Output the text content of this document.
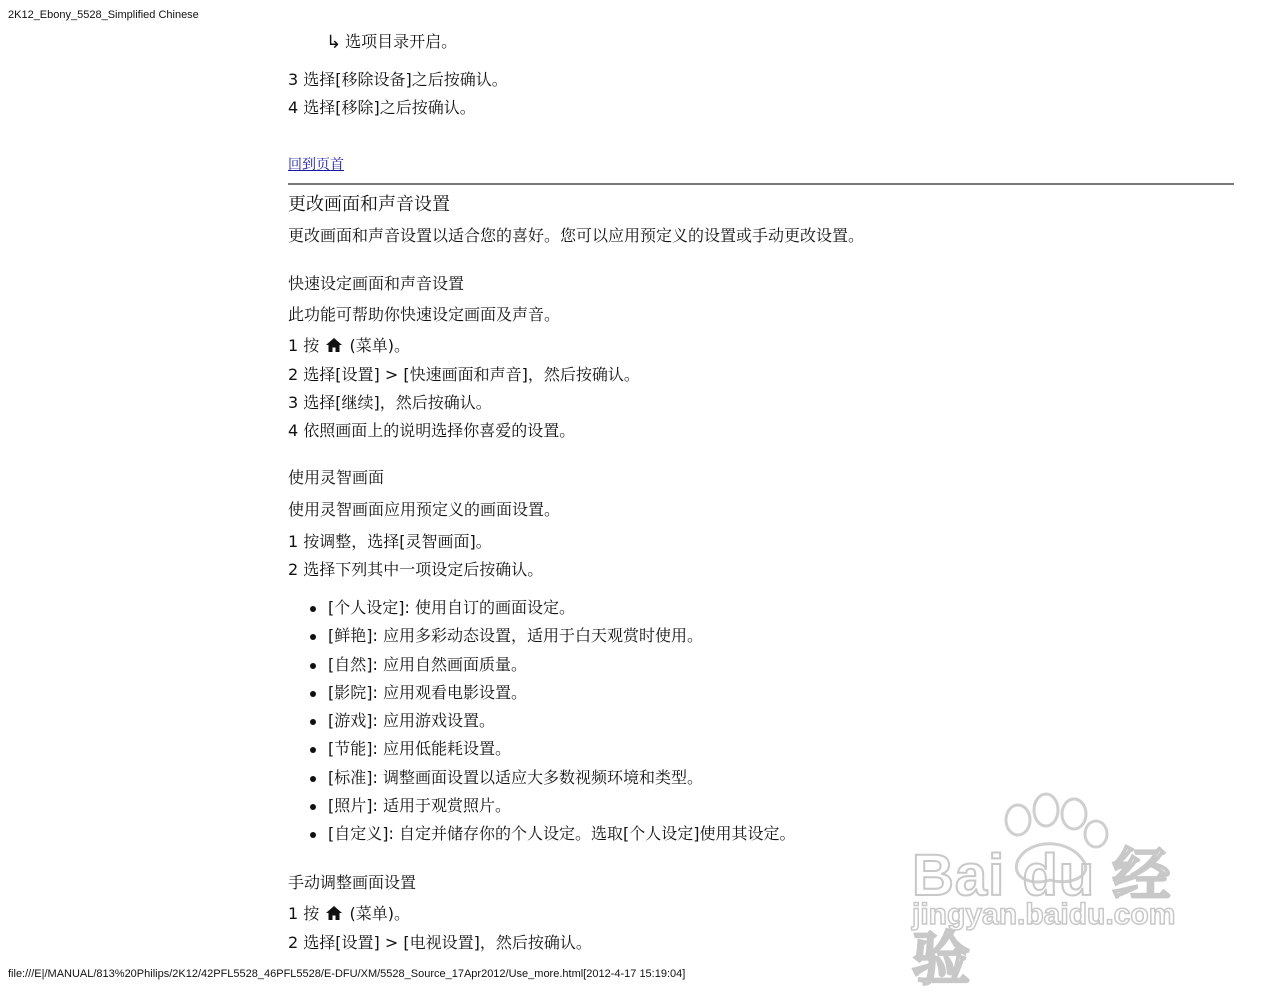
2K12_Ebony_5528_Simplified Chinese
↳ 选项目录开启。
3 选择[移除设备]之后按确认。
4 选择[移除]之后按确认。
回到页首
更改画面和声音设置
更改画面和声音设置以适合您的喜好。您可以应用预定义的设置或手动更改设置。
快速设定画面和声音设置
此功能可帮助你快速设定画面及声音。
1 按 (菜单)。
2 选择[设置] > [快速画面和声音]，然后按确认。
3 选择[继续]，然后按确认。
4 依照画面上的说明选择你喜爱的设置。
使用灵智画面
使用灵智画面应用预定义的画面设置。
1 按调整，选择[灵智画面]。
2 选择下列其中一项设定后按确认。
[个人设定]: 使用自订的画面设定。
[鲜艳]: 应用多彩动态设置，适用于白天观赏时使用。
[自然]: 应用自然画面质量。
[影院]: 应用观看电影设置。
[游戏]: 应用游戏设置。
[节能]: 应用低能耗设置。
[标准]: 调整画面设置以适应大多数视频环境和类型。
[照片]: 适用于观赏照片。
[自定义]: 自定并储存你的个人设定。选取[个人设定]使用其设定。
手动调整画面设置
1 按 (菜单)。
2 选择[设置] > [电视设置]，然后按确认。
Bai du 经验
jingyan.baidu.com
file:///E|/MANUAL/813%20Philips/2K12/42PFL5528_46PFL5528/E-DFU/XM/5528_Source_17Apr2012/Use_more.html[2012-4-17 15:19:04]
